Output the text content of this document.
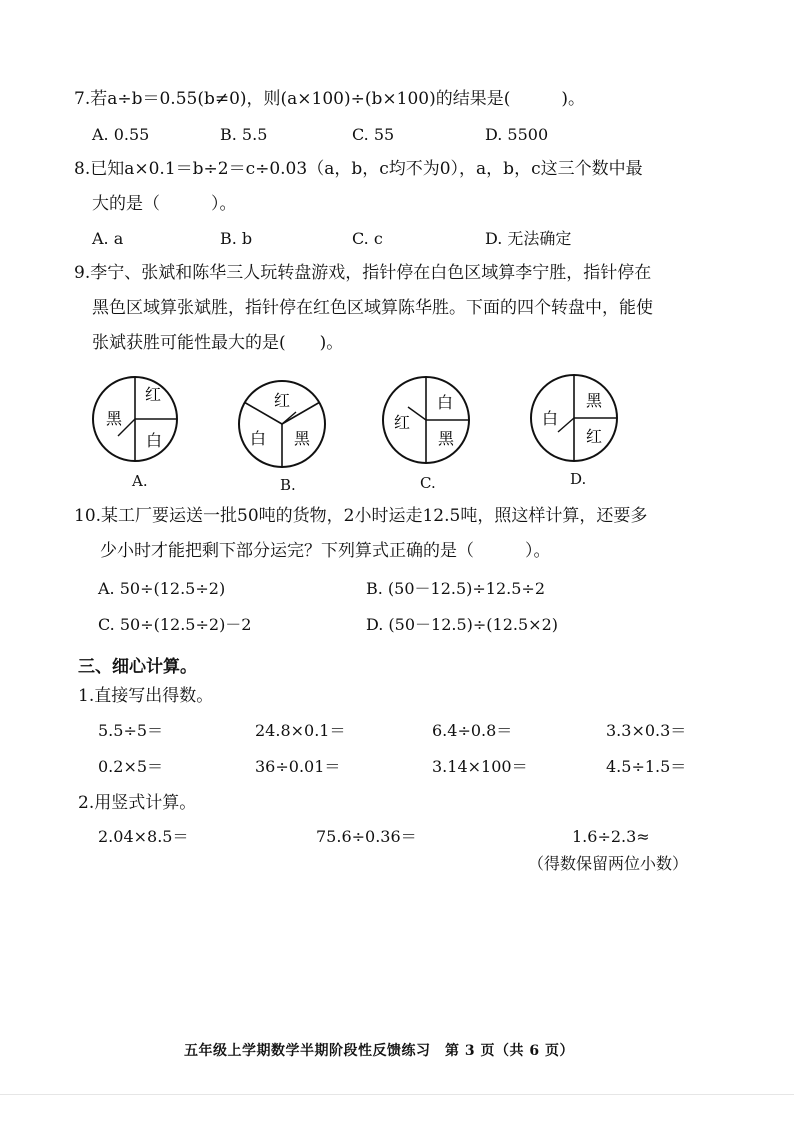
7.若a÷b＝0.55(b≠0)，则(a×100)÷(b×100)的结果是(　　　)。
A. 0.55	B. 5.5	C. 55	D. 5500
8.已知a×0.1＝b÷2＝c÷0.03（a，b，c均不为0），a，b，c这三个数中最
大的是（　　　）。
A. a	B. b	C. c	D. 无法确定
9.李宁、张斌和陈华三人玩转盘游戏，指针停在白色区域算李宁胜，指针停在
黑色区域算张斌胜，指针停在红色区域算陈华胜。下面的四个转盘中，能使
张斌获胜可能性最大的是(　　)。
红
黑
白
A.
红
白 黑
B.
红
白
黑
C.
白
黑
红
D.
10.某工厂要运送一批50吨的货物，2小时运走12.5吨，照这样计算，还要多
少小时才能把剩下部分运完？下列算式正确的是（　　　）。
A. 50÷(12.5÷2)	B. (50－12.5)÷12.5÷2
C. 50÷(12.5÷2)－2	D. (50－12.5)÷(12.5×2)
三、细心计算。
1.直接写出得数。
5.5÷5＝	24.8×0.1＝	6.4÷0.8＝	3.3×0.3＝
0.2×5＝	36÷0.01＝	3.14×100＝	4.5÷1.5＝
2.用竖式计算。
2.04×8.5＝	75.6÷0.36＝	1.6÷2.3≈
（得数保留两位小数）
五年级上学期数学半期阶段性反馈练习　第 3 页（共 6 页）
